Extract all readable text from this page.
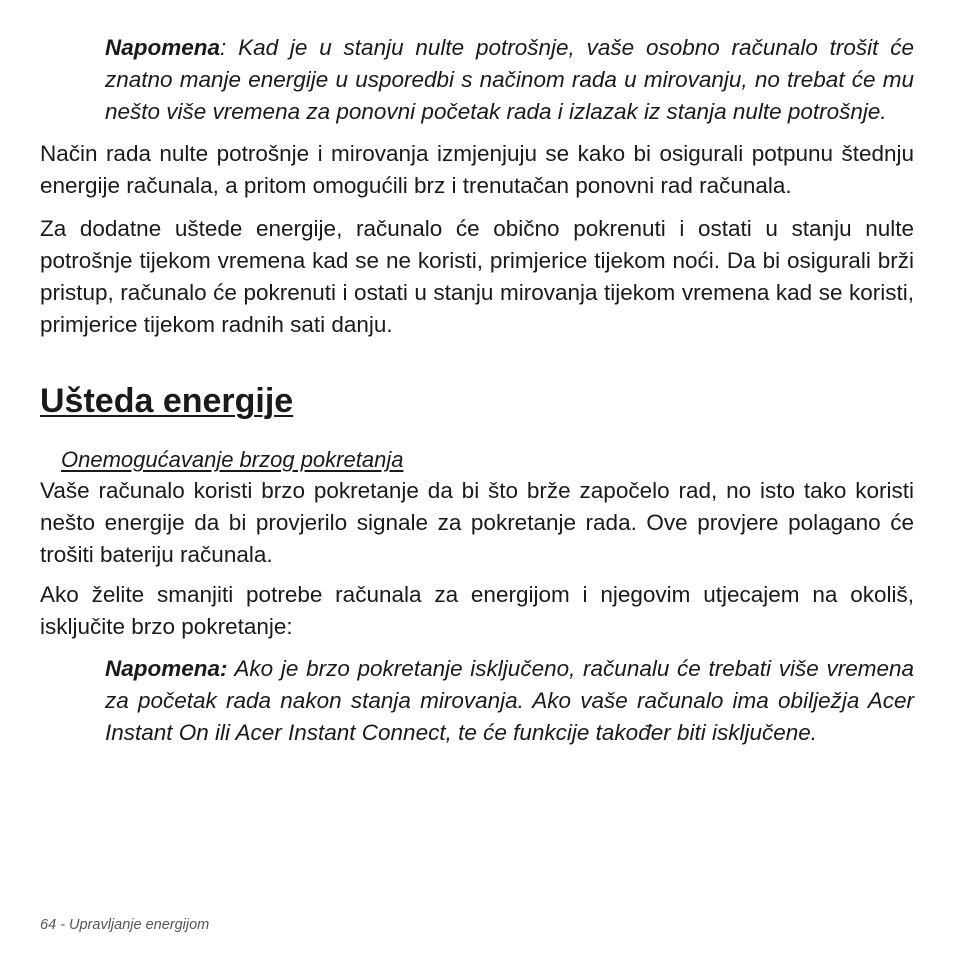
Napomena: Kad je u stanju nulte potrošnje, vaše osobno računalo trošit će znatno manje energije u usporedbi s načinom rada u mirovanju, no trebat će mu nešto više vremena za ponovni početak rada i izlazak iz stanja nulte potrošnje.

Način rada nulte potrošnje i mirovanja izmjenjuju se kako bi osigurali potpunu štednju energije računala, a pritom omogućili brz i trenutačan ponovni rad računala.

Za dodatne uštede energije, računalo će obično pokrenuti i ostati u stanju nulte potrošnje tijekom vremena kad se ne koristi, primjerice tijekom noći. Da bi osigurali brži pristup, računalo će pokrenuti i ostati u stanju mirovanja tijekom vremena kad se koristi, primjerice tijekom radnih sati danju.

Ušteda energije
Onemogućavanje brzog pokretanja

Vaše računalo koristi brzo pokretanje da bi što brže započelo rad, no isto tako koristi nešto energije da bi provjerilo signale za pokretanje rada. Ove provjere polagano će trošiti bateriju računala.

Ako želite smanjiti potrebe računala za energijom i njegovim utjecajem na okoliš, isključite brzo pokretanje:

Napomena: Ako je brzo pokretanje isključeno, računalu će trebati više vremena za početak rada nakon stanja mirovanja. Ako vaše računalo ima obilježja Acer Instant On ili Acer Instant Connect, te će funkcije također biti isključene.

64 - Upravljanje energijom
